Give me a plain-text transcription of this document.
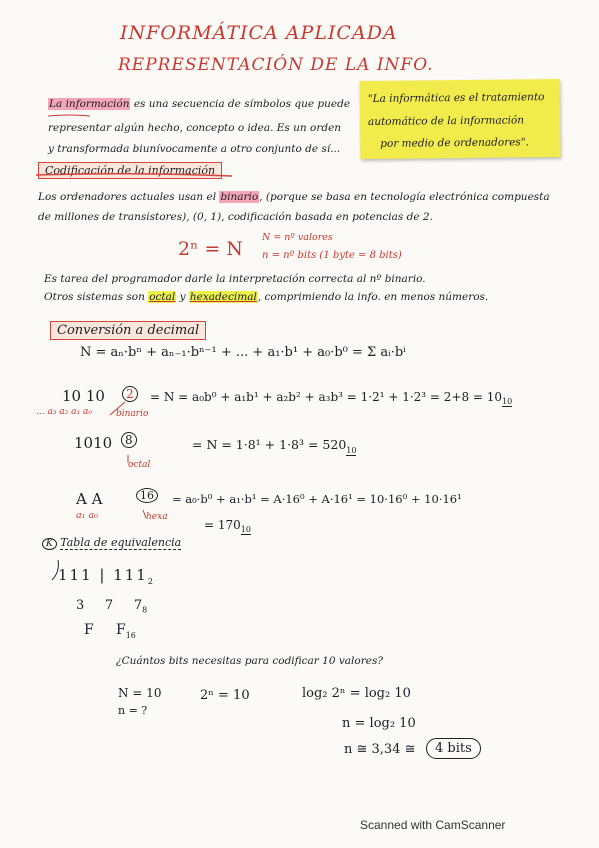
INFORMÁTICA APLICADA
REPRESENTACIÓN DE LA INFO.
La información es una secuencia de símbolos que puede
representar algún hecho, concepto o idea. Es un orden
y transformada biunívocamente a otro conjunto de sí...
"La informática es el tratamiento
automático de la información
por medio de ordenadores".
Codificación de la información
Los ordenadores actuales usan el binario, (porque se basa en tecnología electrónica compuesta
de millones de transistores), (0, 1), codificación basada en potencias de 2.
2ⁿ = N
N = nº valores
n = nº bits (1 byte = 8 bits)
Es tarea del programador darle la interpretación correcta al nº binario.
Otros sistemas son octal y hexadecimal, comprimiendo la info. en menos números.
Conversión a decimal
N = aₙ·bⁿ + aₙ₋₁·bⁿ⁻¹ + ... + a₁·b¹ + a₀·b⁰ = Σ aᵢ·bⁱ
10 10	2
... a₃ a₂ a₁ a₀	binario
= $N = a_0b^0 + a_1b^1 + a_2b^2 + a_3b^3 = 1\cdot 2^1 + 1\cdot 2^3 = 2+8 = 10_{10}$
1010	8
octal
= $N = 1\cdot 8^1 + 1\cdot 8^3 = 520_{10}$
A A	16
a₁ a₀	hexa
= a₀·b⁰ + a₁·b¹ = A·16⁰ + A·16¹ = 10·16⁰ + 10·16¹
= $170_{10}$
K Tabla de equivalencia
111 | $111_2$
3     7     $7_8$
F     $F_{16}$
¿Cuántos bits necesitas para codificar 10 valores?
N = 10
n = ?
2ⁿ = 10	log₂ 2ⁿ = log₂ 10
n = log₂ 10
n ≅ 3,34 ≅	4 bits
Scanned with CamScanner
